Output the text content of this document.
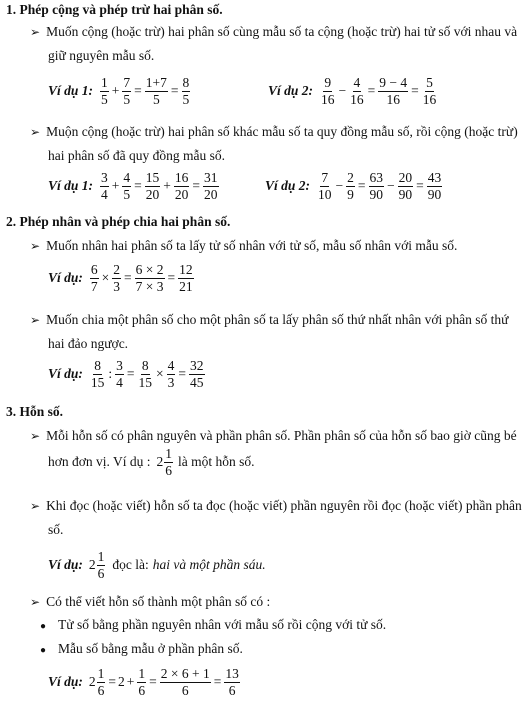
1. Phép cộng và phép trừ hai phân số.
➢ Muốn cộng (hoặc trừ) hai phân số cùng mẫu số ta cộng (hoặc trừ) hai tử số với nhau và
giữ nguyên mẫu số.
Ví dụ 1: $\frac{1}{5} + \frac{7}{5} = \frac{1+7}{5} = \frac{8}{5}$	Ví dụ 2: $\frac{9}{16} - \frac{4}{16} = \frac{9 - 4}{16} = \frac{5}{16}$
➢ Muộn cộng (hoặc trừ) hai phân số khác mẫu số ta quy đồng mẫu số, rồi cộng (hoặc trừ)
hai phân số đã quy đồng mẫu số.
Ví dụ 1: $\frac{3}{4} + \frac{4}{5} = \frac{15}{20} + \frac{16}{20} = \frac{31}{20}$	Ví dụ 2: $\frac{7}{10} - \frac{2}{9} = \frac{63}{90} - \frac{20}{90} = \frac{43}{90}$
2. Phép nhân và phép chia hai phân số.
➢ Muốn nhân hai phân số ta lấy tử số nhân với tử số, mẫu số nhân với mẫu số.
Ví dụ: $\frac{6}{7} \times \frac{2}{3} = \frac{6 \times 2}{7 \times 3} = \frac{12}{21}$
➢ Muốn chia một phân số cho một phân số ta lấy phân số thứ nhất nhân với phân số thứ
hai đảo ngược.
Ví dụ: $\frac{8}{15}$ : $\frac{3}{4} = \frac{8}{15} \times \frac{4}{3} = \frac{32}{45}$
3. Hỗn số.
➢ Mỗi hỗn số có phân nguyên và phần phân số. Phần phân số của hỗn số bao giờ cũng bé
hơn đơn vị. Ví dụ : $2 \frac{1}{6}$ là một hỗn số.
➢ Khi đọc (hoặc viết) hỗn số ta đọc (hoặc viết) phần nguyên rồi đọc (hoặc viết) phần phân
số.
Ví dụ: $2 \frac{1}{6}$ đọc là: hai và một phần sáu.
➢ Có thể viết hỗn số thành một phân số có :
● Tử số bằng phần nguyên nhân với mẫu số rồi cộng với tử số.
● Mẫu số bằng mẫu ở phần phân số.
Ví dụ: $2 \frac{1}{6} = 2 + \frac{1}{6} = \frac{2 \times 6 + 1}{6} = \frac{13}{6}$
